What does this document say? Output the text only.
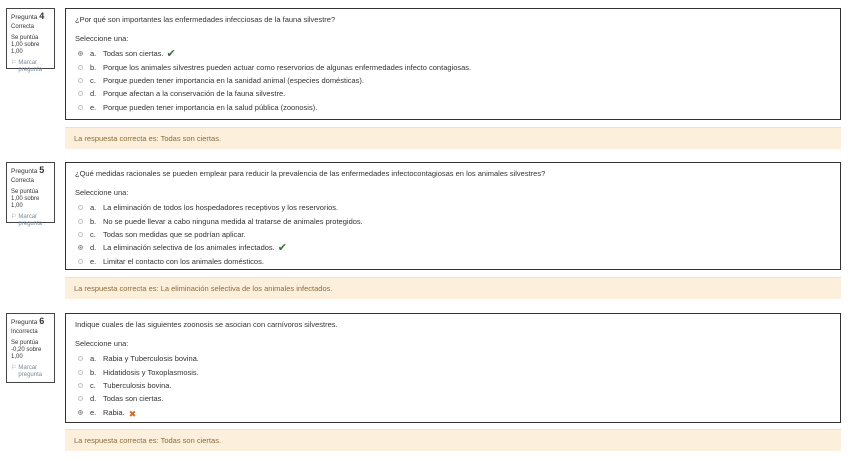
Pregunta 4
Correcta
Se puntúa 1,00 sobre 1,00
⚐ Marcar pregunta
¿Por qué son importantes las enfermedades infecciosas de la fauna silvestre?
Seleccione una:
a. Todas son ciertas. ✔
b. Porque los animales silvestres pueden actuar como reservorios de algunas enfermedades infecto contagiosas.
c. Porque pueden tener importancia en la sanidad animal (especies domésticas).
d. Porque afectan a la conservación de la fauna silvestre.
e. Porque pueden tener importancia en la salud pública (zoonosis).
La respuesta correcta es: Todas son ciertas.
Pregunta 5
Correcta
Se puntúa 1,00 sobre 1,00
⚐ Marcar pregunta
¿Qué medidas racionales se pueden emplear para reducir la prevalencia de las enfermedades infectocontagiosas en los animales silvestres?
Seleccione una:
a. La eliminación de todos los hospedadores receptivos y los reservorios.
b. No se puede llevar a cabo ninguna medida al tratarse de animales protegidos.
c. Todas son medidas que se podrían aplicar.
d. La eliminación selectiva de los animales infectados. ✔
e. Limitar el contacto con los animales domésticos.
La respuesta correcta es: La eliminación selectiva de los animales infectados.
Pregunta 6
Incorrecta
Se puntúa -0,20 sobre 1,00
⚐ Marcar pregunta
Indique cuales de las siguientes zoonosis se asocian con carnívoros silvestres.
Seleccione una:
a. Rabia y Tuberculosis bovina.
b. Hidatidosis y Toxoplasmosis.
c. Tuberculosis bovina.
d. Todas son ciertas.
e. Rabia. ✖
La respuesta correcta es: Todas son ciertas.
